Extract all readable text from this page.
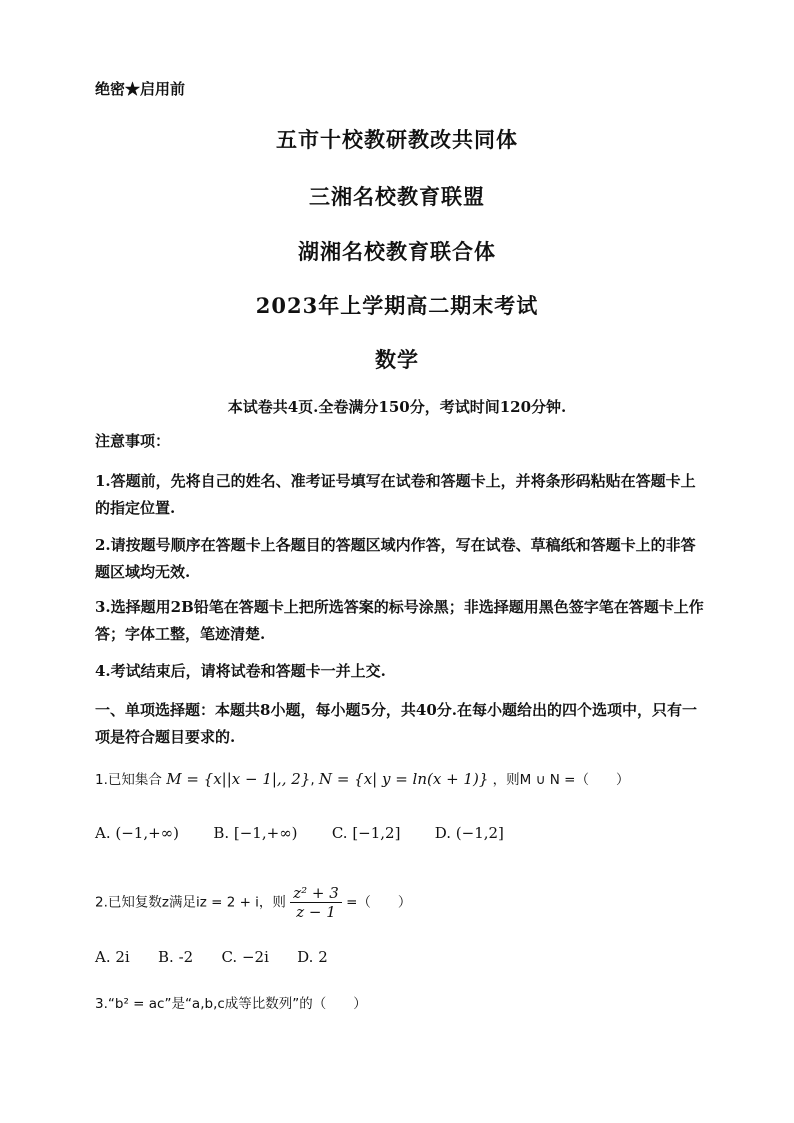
绝密★启用前
五市十校教研教改共同体
三湘名校教育联盟
湖湘名校教育联合体
2023年上学期高二期末考试
数学
本试卷共4页.全卷满分150分，考试时间120分钟.
注意事项：
1.答题前，先将自己的姓名、准考证号填写在试卷和答题卡上，并将条形码粘贴在答题卡上的指定位置.
2.请按题号顺序在答题卡上各题目的答题区域内作答，写在试卷、草稿纸和答题卡上的非答题区域均无效.
3.选择题用2B铅笔在答题卡上把所选答案的标号涂黑；非选择题用黑色签字笔在答题卡上作答；字体工整，笔迹清楚.
4.考试结束后，请将试卷和答题卡一并上交.
一、单项选择题：本题共8小题，每小题5分，共40分.在每小题给出的四个选项中，只有一项是符合题目要求的.
1.已知集合 M = {x||x − 1|,, 2}, N = {x| y = ln(x + 1)} ，则M ∪ N =（　　）
A. (−1,+∞) B. [−1,+∞) C. [−1,2] D. (−1,2]
2.已知复数z满足iz = 2 + i，则 $\frac{\text{z² + 3}}{z - 1}$ =（　　）
A. 2i B. -2 C. −2i D. 2
3.“b² = ac”是“a,b,c成等比数列”的（　　）
